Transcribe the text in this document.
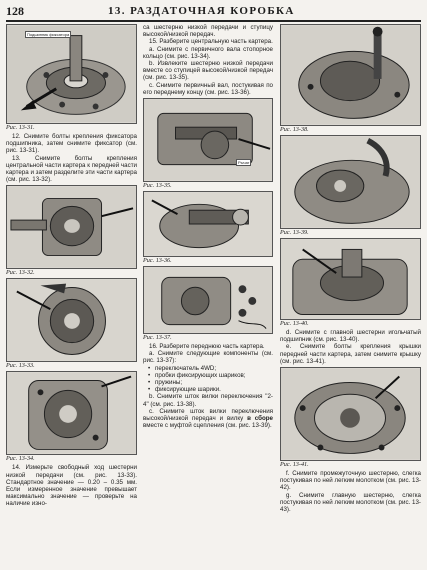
128	13. РАЗДАТОЧНАЯ КОРОБКА
Подшипник фиксатора
Рис. 13-31.

12. Снимите болты крепления фиксатора подшипника, затем снимите фиксатор (см. рис. 13-31).

13. Снимите болты крепления центральной части картера к передней части картера и затем разделите эти части картера (см. рис. 13-32).

Рис. 13-32.
Рис. 13-33.
Рис. 13-34.

14. Измерьте свободный ход шестерни низкой передачи (см. рис. 13-33). Стандартное значение — 0.20 – 0.35 мм. Если измеренное значение превышает максимально значение — проверьте на наличие изно-

са шестерню низкой передачи и ступицу высокой/низкой передач.

15. Разберите центральную часть картера.

а. Снимите с первичного вала стопорное кольцо (см. рис. 13-34).

b. Извлеките шестерню низкой передачи вместе со ступицей высокой/низкой передач (см. рис. 13-35).

с. Снимите первичный вал, постукивая по его переднему концу (см. рис. 13-36).

Рычаг
Рис. 13-35.
Рис. 13-36.
Рис. 13-37.

16. Разберите переднюю часть картера.

а. Снимите следующие компоненты (см. рис. 13-37):

• переключатель 4WD;

• пробки фиксирующих шариков;

• пружины;

• фиксирующие шарики.

b. Снимите шток вилки переключения "2-4" (см. рис. 13-38).

с. Снимите шток вилки переключения высокой/низкой передач и вилку в сборе вместе с муфтой сцепления (см. рис. 13-39).

Рис. 13-38.
Рис. 13-39.
Рис. 13-40.

d. Снимите с главной шестерни игольчатый подшипник (см. рис. 13-40).

е. Снимите болты крепления крышки передней части картера, затем снимите крышку (см. рис. 13-41).

Рис. 13-41.

f. Снимите промежуточную шестерню, слегка постукивая по ней легким молотком (см. рис. 13-42).

g. Снимите главную шестерню, слегка постукивая по ней легким молотком (см. рис. 13-43).
